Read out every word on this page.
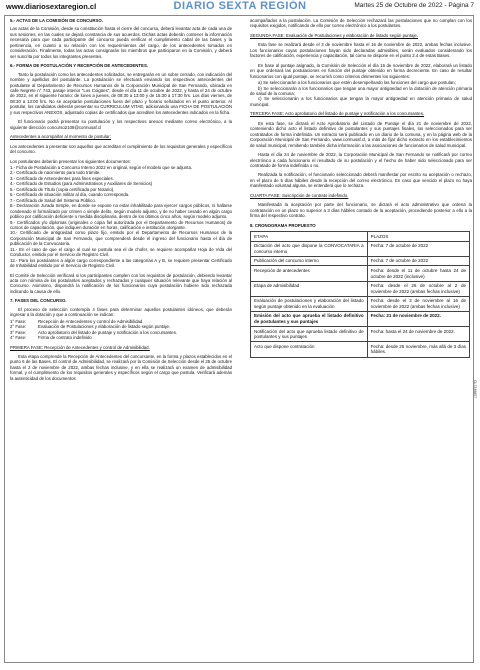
www.diariosextaregion.cl	DIARIO SEXTA REGIÓN	Martes 25 de Octubre de 2022 - Página 7

5.- ACTAS DE LA COMISIÓN DE CONCURSO.

Las actas de la Comisión, desde su constitución hasta el cierre del concurso, deberá levantar acta de cada una de sus sesiones, en las cuales se dejará constancia de sus acuerdos. Dichas actas deberán contener la información necesaria para que cada participante del concurso pueda verificar el cumplimiento cabal de las bases y la pertinencia, en cuanto a su relación con los requerimientos del cargo, de los antecedentes tomados en consideración. Finalmente, todas las actas consignarán los miembros que participaron en la Comisión, y deberá ser suscrita por todos los integrantes presentes.

6.- FORMA DE POSTULACIÓN Y RECEPCIÓN DE ANTECEDENTES.

Tanto la postulación como los antecedentes solicitados, se entregarán en un sobre cerrado, con indicación del nombre y apellidos del postulante. La postulación se efectuará enviando los respectivos antecedentes del postulante al Departamento de Recursos Humanos de la Corporación Municipal de San Fernando, ubicada en calle Negrete n° 743, pasaje interior "Los Coigües", desde el día 11 de octubre de 2022, y hasta el 24 de octubre de 2022, en el siguiente horario: de lunes a jueves, de 08:30 a 13:00 y de 15:30 a 17:30 hrs. Los días viernes, de 08:30 a 13:00 hrs. No se aceptarán postulaciones fuera del plazo y horario señalados en el punto anterior. Al postular, los candidatos deberán presentar su CURRICULUM VITAE, adicionando una FICHA DE POSTULACIÓN y sus respectivos ANEXOS, adjuntado copias de certificados que acrediten los antecedentes indicados en la ficha.

El funcionario podrá presentar su postulación y los respectivos anexos mediante correo electrónico, a la siguiente dirección concurso2108@cormusaf.cl

Antecedentes a acompañar al momento de postular:

Los antecedentes a presentar son aquellos que acreditan el cumplimiento de los requisitos generales y específicos del concurso.

Los postulantes deberán presentar los siguientes documentos:

1.- Ficha de Postulación a Concurso Interno 2022 en original, según el modelo que se adjunta.
2.- Certificado de nacimiento para todo trámite.
3.- Certificado de Antecedentes para fines especiales.
4.- Certificado de Estudios (para Administrativos y Auxiliares de Servicios)
5.- Certificado de Título (copia certificada por Notario).
6.- Certificado de situación militar al día, cuando corresponda.
7.- Certificado de Salud del Sistema Público.
8.- Declaración Jurada Simple, en donde se expone no estar inhabilitado para ejercer cargos públicos, ni hallarse condenado ni formalizado por crimen o simple delito, según modelo adjunto, y de no haber cesado en algún cargo público por calificación deficiente o medida disciplinaria, dentro de los últimos cinco años, según modelo adjunto.
9.- Certificados y/o diplomas (originales o copia fiel autorizada por el Departamento de Recursos Humanos) de cursos de capacitación, que indiquen duración en horas, calificación e institución otorgante.
10.- Certificado de antigüedad como plazo fijo, emitido por el Departamento de Recursos Humanos de la Corporación Municipal de San Fernando, que comprenderá desde el ingreso del funcionario hasta el día de publicación de la Convocatoria.
11.- En el caso de que el cargo al cual se postula sea el de chofer, se requiere acompañar Hoja de Vida del Conductor, emitido por el Servicio de Registro Civil.
12.- Para los postulantes a algún cargo correspondiente a las categorías A y B, se requiere presentar Certificado de Inhabilidad emitido por el Servicio de Registro Civil.

El Comité de Selección verificará si los participantes cumplen con los requisitos de postulación, debiendo levantar acta con nómina de los postulantes aceptados y rechazados y cualquier situación relevante que haya relación al Concurso. Asimismo, dispondrá la notificación de los funcionarios cuya postulación hubiere sido rechazada indicando la causa de ello.

7. FASES DEL CONCURSO.

El proceso de selección contempla 4 fases para determinar aquellos postulantes idóneos, que deberán ingresar a la dotación y que a continuación se indican:

1° Fase:	Recepción de Antecedentes y control de Admisibilidad.
2° Fase:	Evaluación de Postulaciones y elaboración de listado según puntaje.
3° Fase:	Acto aprobatorio del listado de puntaje y notificación a los concursantes.
4° Fase:	Firma de contrato indefinido

PRIMERA FASE: Recepción de Antecedentes y control de Admisibilidad.

Esta etapa comprende la Recepción de Antecedentes del concursante, en la forma y plazos establecidos en el punto 6 de las Bases. El control de Admisibilidad, se realizará por la Comisión de Selección desde el 25 de octubre hasta el 2 de noviembre de 2022, ambas fechas inclusive, y en ella se realizará un examen de admisibilidad formal, y el cumplimiento de los requisitos generales y específicos según el cargo que postula. Verificará además la autenticidad de los documentos

acompañados a la postulación. La Comisión de Selección rechazará las postulaciones que no cumplan con los requisitos exigidos, notificando de ello por correo electrónico a los postulantes.

SEGUNDA FASE: Evaluación de Postulaciones y elaboración de listado según puntaje.

Esta fase se realizará desde el 3 de noviembre hasta el 16 de noviembre de 2022, ambas fechas inclusive. Los funcionarios cuyas postulaciones hayan sido declaradas admisibles, serán evaluados considerando los factores de calificación, experiencia y capacitación, tal como se dispone en el punto 2.4 de estas Bases.

En base al puntaje asignado, la Comisión de Selección el día 16 de noviembre de 2022, elaborará un listado en que ordenará las postulaciones en función del puntaje obtenido en forma decreciente. En caso de resultar funcionarios con igual puntaje, se recurrirá como criterios dirimentes los siguientes:

a) Se seleccionarán a los funcionarios que estén desempeñando las funciones del cargo que postulan;
b) Se seleccionarán a los funcionarios que tengan una mayor antigüedad en la dotación de atención primaria de salud de la comuna;
c) Se seleccionarán a los funcionarios que tengan la mayor antigüedad en atención primaria de salud municipal.

TERCERA FASE: Acto aprobatorio del listado de puntaje y notificación a los concursantes.

En esta fase, se dictará el Acto Aprobatorio del Listado de Puntaje el día 21 de noviembre de 2022, conteniendo dicho acto el listado definitivo de postulantes y sus puntajes finales, los seleccionados para ser contratados de forma indefinida. Un extracto será publicado en un diario de la comuna, y en la página web de la Corporación Municipal de San Fernando, www.cormusaf.cl, a más de fijar dicho extracto en los establecimientos de salud municipal, remitiendo también dicha información a las asociaciones de funcionarios de salud municipal.

Hasta el día 24 de noviembre de 2022, la Corporación Municipal de San Fernando se notificará por correo electrónico a cada funcionario el resultado de su postulación y el hecho de haber sido seleccionado para ser contratado de forma indefinida o no.

Realizada la notificación, el funcionario seleccionado deberá manifestar por escrito su aceptación o rechazo, en el plazo de 5 días hábiles desde la recepción del correo electrónico. En caso que vencido el plazo no haya manifestado voluntad alguna, se entenderá que lo rechaza.

CUARTA FASE: Suscripción de contrato indefinido.

Manifestada la aceptación por parte del funcionario, se dictará el acto administrativo que ordena la contratación en un plazo no superior a 3 días hábiles contado de la aceptación, procediendo posterior a ello a la firma del respectivo contrato.

8. CRONOGRAMA PROPUESTO

ETAPA	PLAZOS
Dictación del acto que dispone la CONVOCATARIA a concurso interno	Fecha: 7 de octubre de 2022
Publicación del concurso interno	Fecha: 7 de octubre de 2022
Recepción de antecedentes	Fecha: desde el 11 de octubre hasta 24 de octubre de 2022 (inclusive)
Etapa de admisibilidad	Fecha: desde el 25 de octubre al 2 de noviembre de 2022 (ambas fechas inclusive)
Evaluación de postulaciones y elaboración del listado según puntaje obtenido en la evaluación	Fecha: desde el 3 de noviembre al 16 de noviembre de 2022 (ambas fechas inclusive)
Emisión del acto que aprueba el listado definitivo de postulantes y sus puntajes	Fecha: 21 de noviembre de 2022.
Notificación del acto que aprueba listado definitivo de postulantes y sus puntajes	Fecha: hasta el 24 de noviembre de 2022.
Acto que dispone contratación	Fecha: desde 25 noviembre, más allá de 3 días hábiles.
CL7248897
